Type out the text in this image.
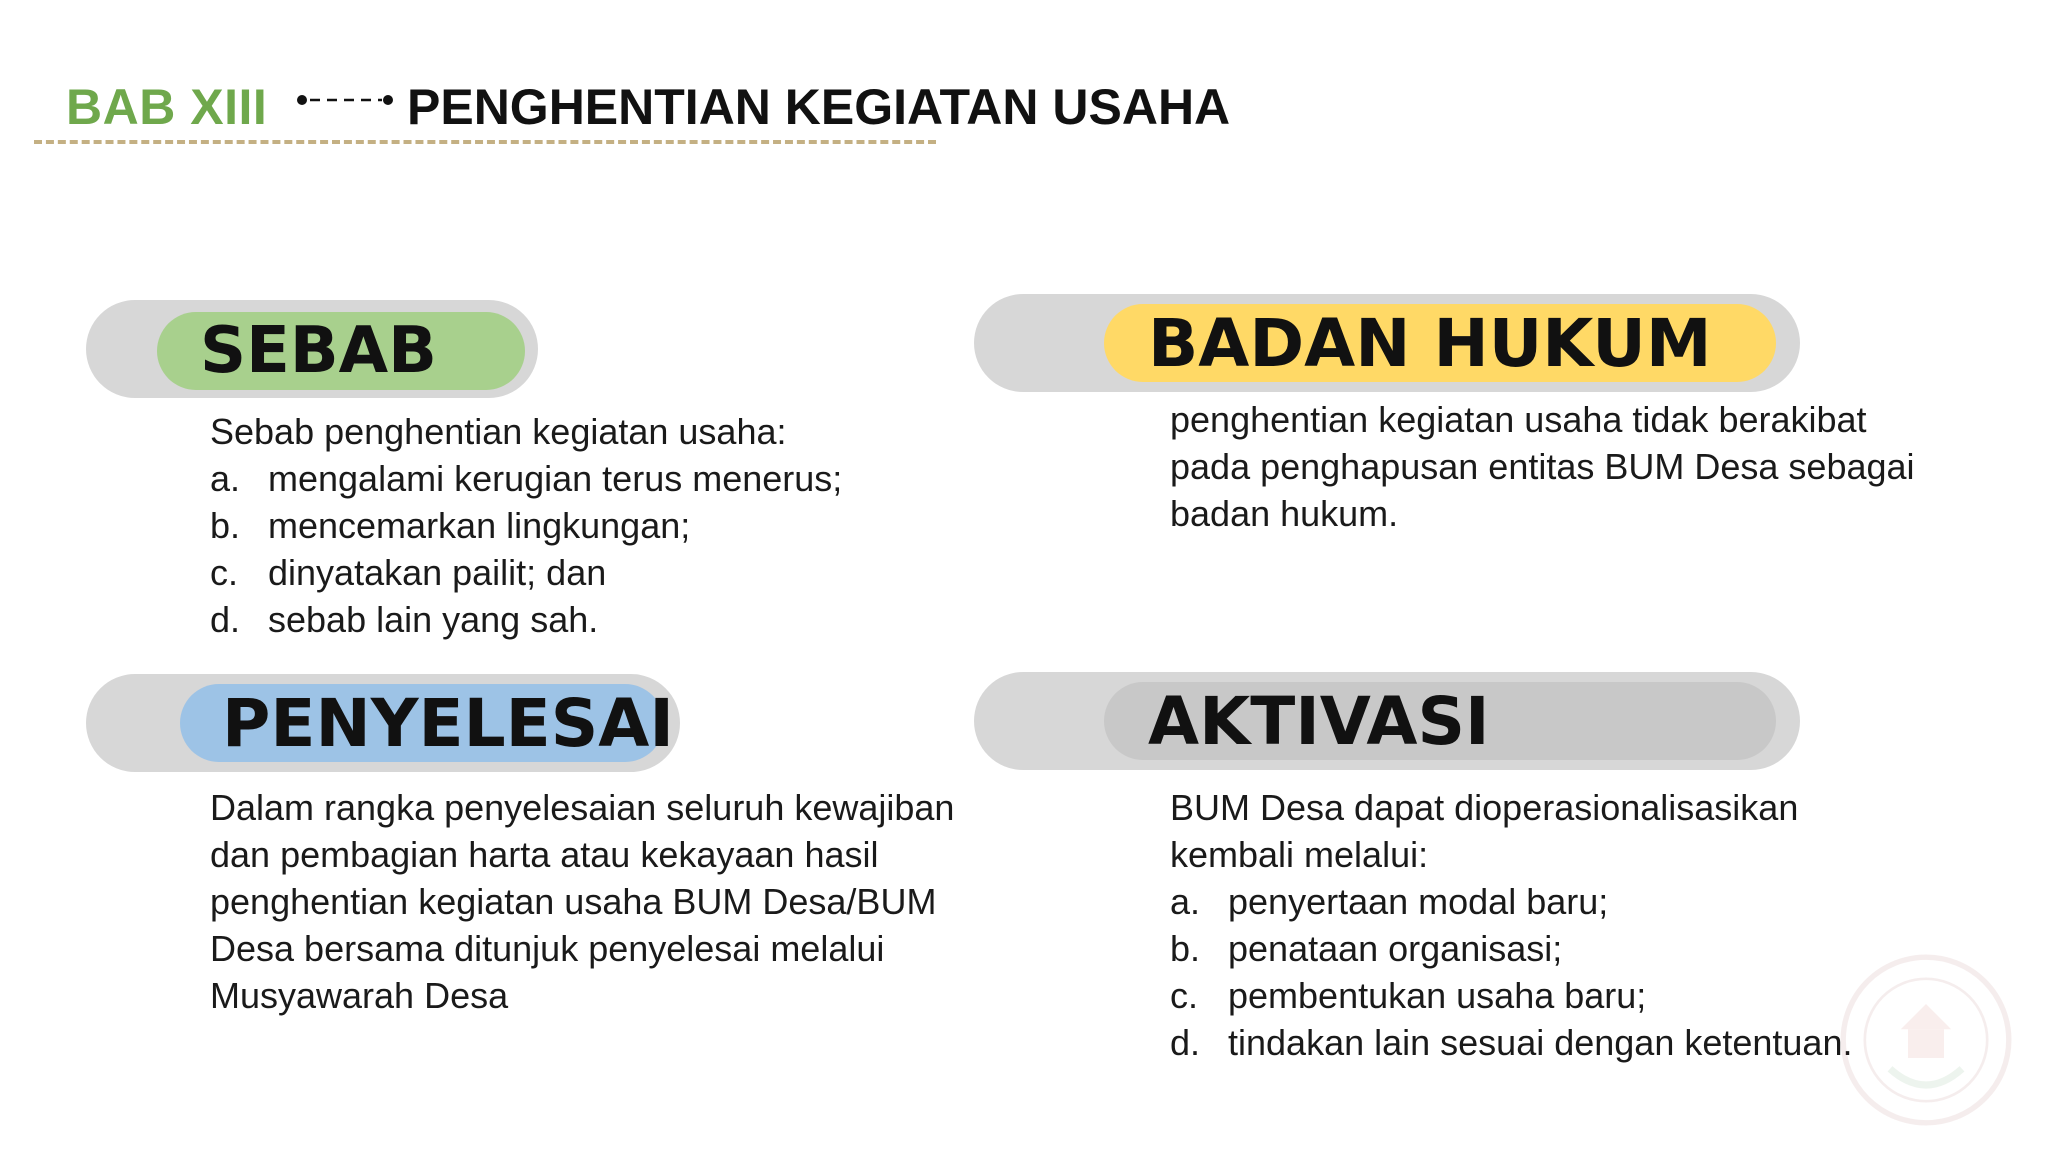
BAB XIII	PENGHENTIAN KEGIATAN USAHA
SEBAB
Sebab penghentian kegiatan usaha:
a. mengalami kerugian terus menerus;
b. mencemarkan lingkungan;
c. dinyatakan pailit; dan
d. sebab lain yang sah.
BADAN HUKUM
penghentian kegiatan usaha tidak berakibat
pada penghapusan entitas BUM Desa sebagai
badan hukum.
PENYELESAI
Dalam rangka penyelesaian seluruh kewajiban
dan pembagian harta atau kekayaan hasil
penghentian kegiatan usaha BUM Desa/BUM
Desa bersama ditunjuk penyelesai melalui
Musyawarah Desa
AKTIVASI
BUM Desa dapat dioperasionalisasikan
kembali melalui:
a. penyertaan modal baru;
b. penataan organisasi;
c. pembentukan usaha baru;
d. tindakan lain sesuai dengan ketentuan.
